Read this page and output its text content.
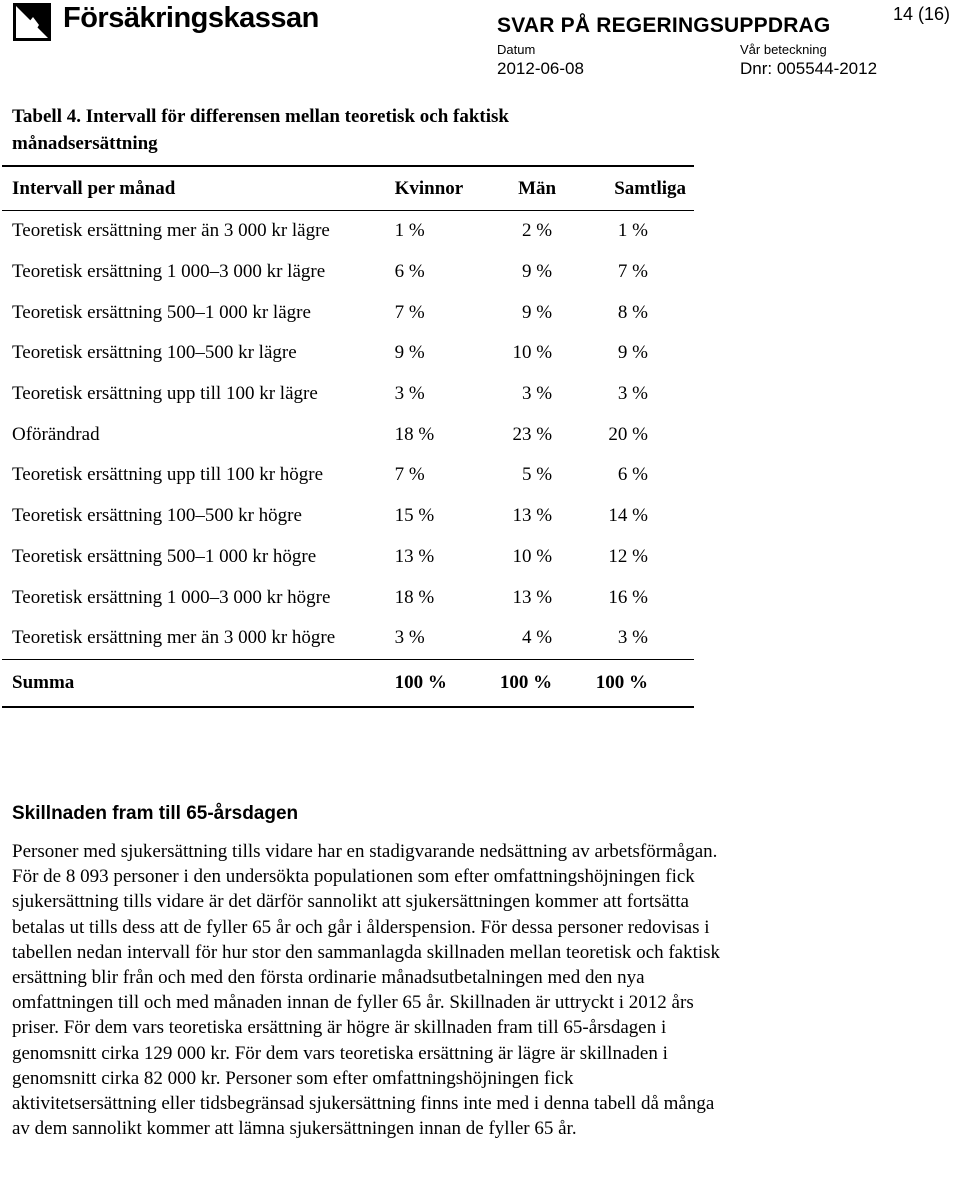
Försäkringskassan	14 (16)
SVAR PÅ REGERINGSUPPDRAG
Datum
2012-06-08
Vår beteckning
Dnr: 005544-2012
Tabell 4. Intervall för differensen mellan teoretisk och faktisk månadsersättning
Intervall per månad	Kvinnor	Män	Samtliga
Teoretisk ersättning mer än 3 000 kr lägre	1 %	2 %	1 %
Teoretisk ersättning 1 000–3 000 kr lägre	6 %	9 %	7 %
Teoretisk ersättning 500–1 000 kr lägre	7 %	9 %	8 %
Teoretisk ersättning 100–500 kr lägre	9 %	10 %	9 %
Teoretisk ersättning upp till 100 kr lägre	3 %	3 %	3 %
Oförändrad	18 %	23 %	20 %
Teoretisk ersättning upp till 100 kr högre	7 %	5 %	6 %
Teoretisk ersättning 100–500 kr högre	15 %	13 %	14 %
Teoretisk ersättning 500–1 000 kr högre	13 %	10 %	12 %
Teoretisk ersättning 1 000–3 000 kr högre	18 %	13 %	16 %
Teoretisk ersättning mer än 3 000 kr högre	3 %	4 %	3 %
Summa	100 %	100 %	100 %
Skillnaden fram till 65-årsdagen
Personer med sjukersättning tills vidare har en stadigvarande nedsättning av arbetsförmågan. För de 8 093 personer i den undersökta populationen som efter omfattningshöjningen fick sjukersättning tills vidare är det därför sannolikt att sjukersättningen kommer att fortsätta betalas ut tills dess att de fyller 65 år och går i ålderspension. För dessa personer redovisas i tabellen nedan intervall för hur stor den sammanlagda skillnaden mellan teoretisk och faktisk ersättning blir från och med den första ordinarie månadsutbetalningen med den nya omfattningen till och med månaden innan de fyller 65 år. Skillnaden är uttryckt i 2012 års priser. För dem vars teoretiska ersättning är högre är skillnaden fram till 65-årsdagen i genomsnitt cirka 129 000 kr. För dem vars teoretiska ersättning är lägre är skillnaden i genomsnitt cirka 82 000 kr. Personer som efter omfattningshöjningen fick aktivitetsersättning eller tidsbegränsad sjukersättning finns inte med i denna tabell då många av dem sannolikt kommer att lämna sjukersättningen innan de fyller 65 år.
